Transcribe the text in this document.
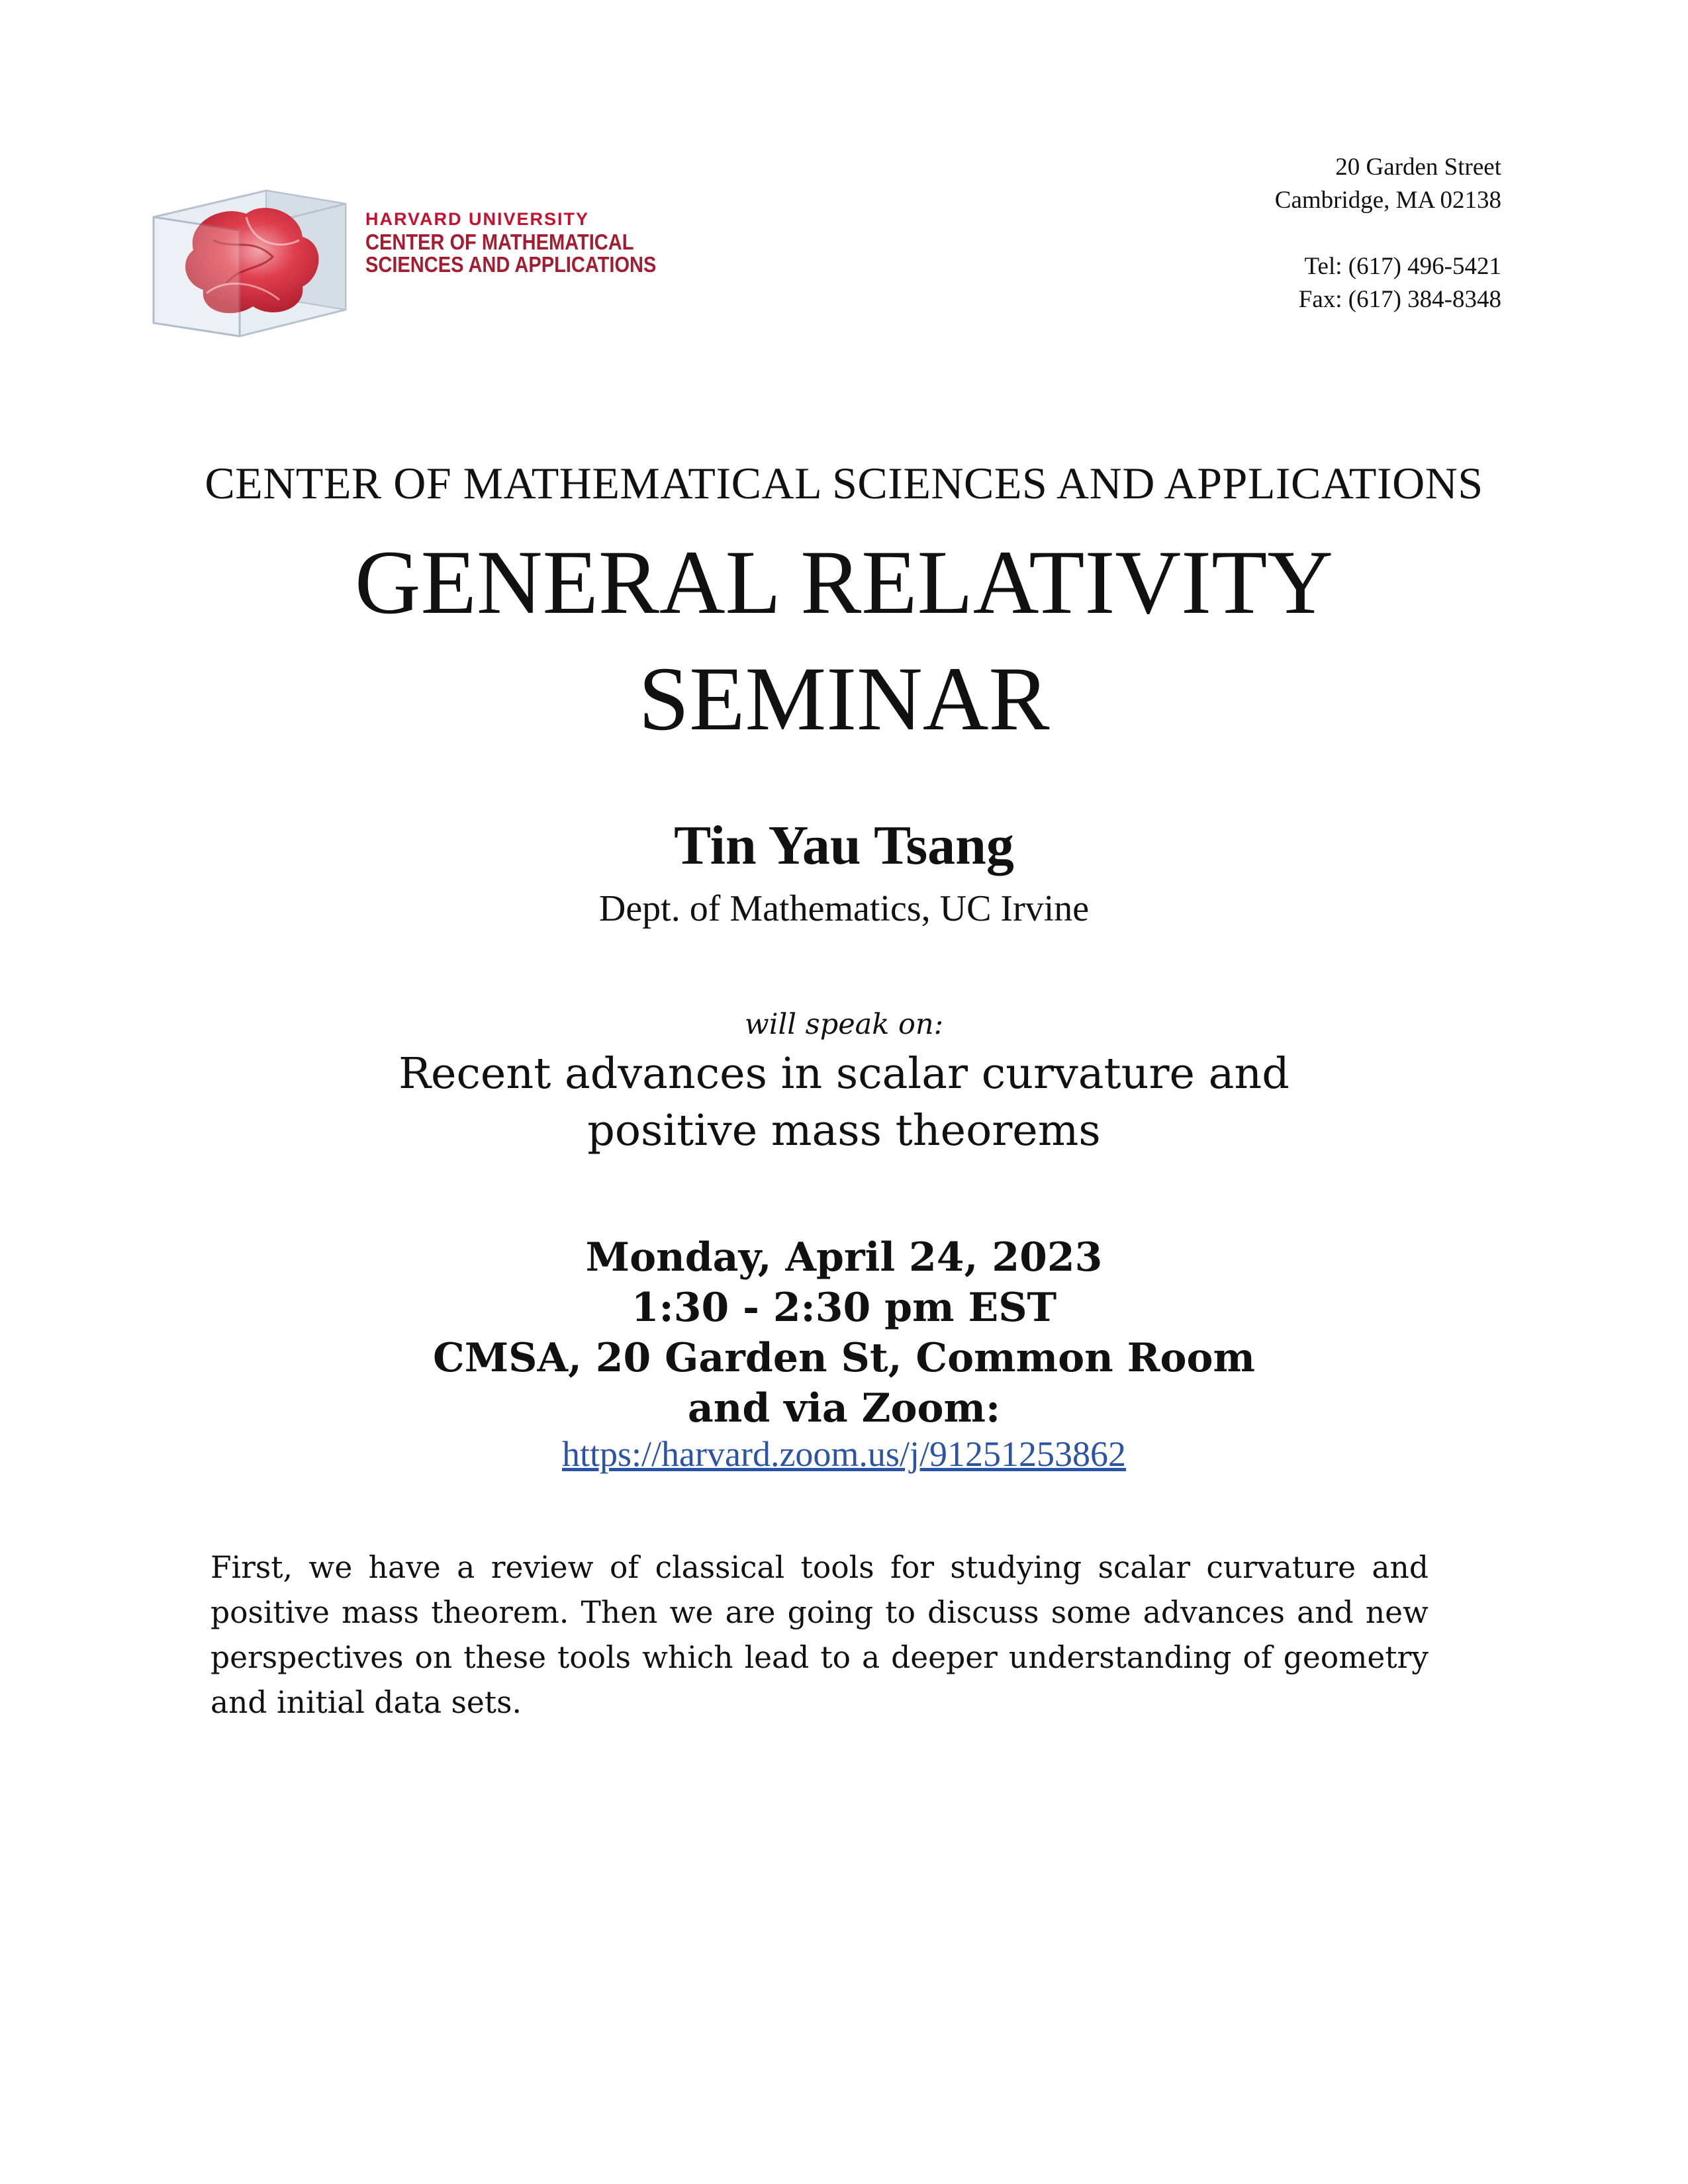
HARVARD UNIVERSITY
CENTER OF MATHEMATICAL
SCIENCES AND APPLICATIONS
20 Garden Street
Cambridge, MA 02138
Tel: (617) 496-5421
Fax: (617) 384-8348
CENTER OF MATHEMATICAL SCIENCES AND APPLICATIONS
GENERAL RELATIVITY
SEMINAR
Tin Yau Tsang
Dept. of Mathematics, UC Irvine
will speak on:
Recent advances in scalar curvature and
positive mass theorems
Monday, April 24, 2023
1:30 - 2:30 pm EST
CMSA, 20 Garden St, Common Room
and via Zoom:
https://harvard.zoom.us/j/91251253862

First, we have a review of classical tools for studying scalar curvature and positive mass theorem. Then we are going to discuss some advances and new perspectives on these tools which lead to a deeper understanding of geometry and initial data sets.
